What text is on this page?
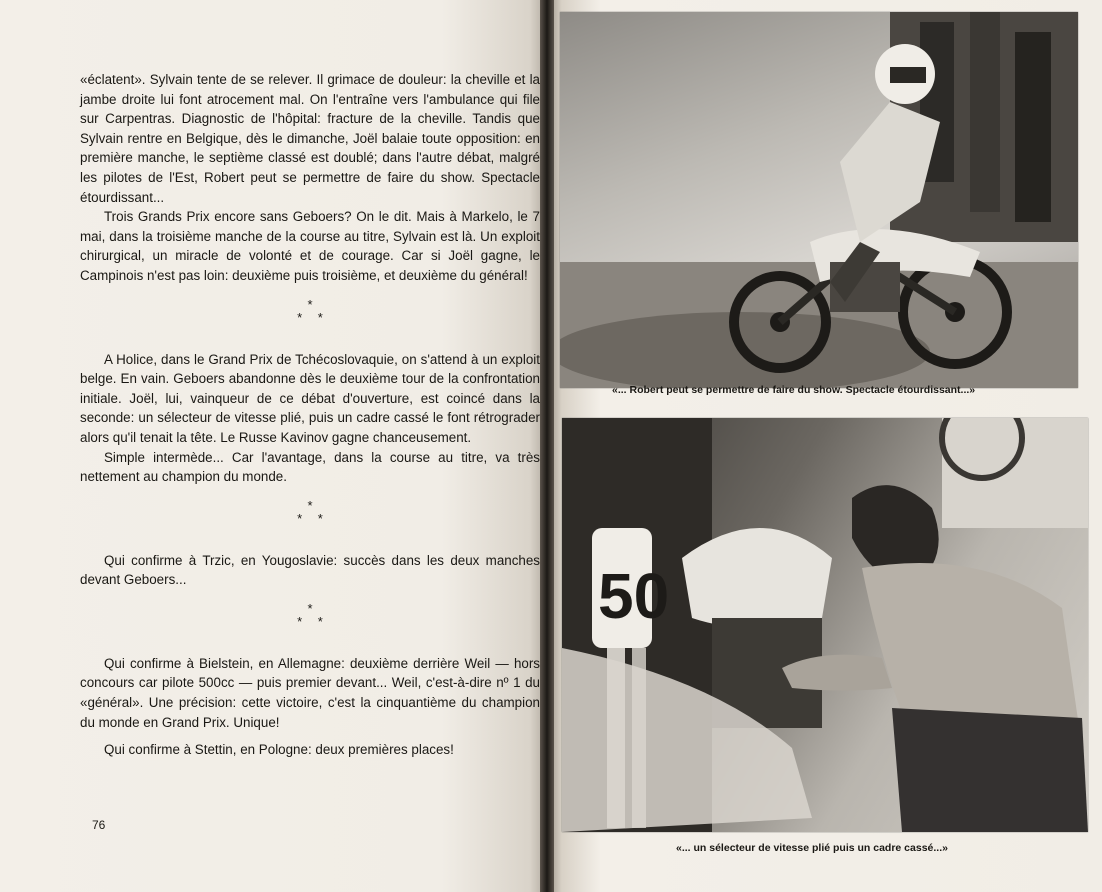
«éclatent». Sylvain tente de se relever. Il grimace de douleur: la cheville et la jambe droite lui font atrocement mal. On l'entraîne vers l'ambulance qui file sur Carpentras. Diagnostic de l'hôpital: fracture de la cheville. Tandis que Sylvain rentre en Belgique, dès le dimanche, Joël balaie toute opposition: en première manche, le septième classé est doublé; dans l'autre débat, malgré les pilotes de l'Est, Robert peut se permettre de faire du show. Spectacle étourdissant...

Trois Grands Prix encore sans Geboers? On le dit. Mais à Markelo, le 7 mai, dans la troisième manche de la course au titre, Sylvain est là. Un exploit chirurgical, un miracle de volonté et de courage. Car si Joël gagne, le Campinois n'est pas loin: deuxième puis troisième, et deuxième du général!

*
* *

A Holice, dans le Grand Prix de Tchécoslovaquie, on s'attend à un exploit belge. En vain. Geboers abandonne dès le deuxième tour de la confrontation initiale. Joël, lui, vainqueur de ce débat d'ouverture, est coincé dans la seconde: un sélecteur de vitesse plié, puis un cadre cassé le font rétrograder alors qu'il tenait la tête. Le Russe Kavinov gagne chanceusement.

Simple intermède... Car l'avantage, dans la course au titre, va très nettement au champion du monde.

*
* *

Qui confirme à Trzic, en Yougoslavie: succès dans les deux manches devant Geboers...

*
* *

Qui confirme à Bielstein, en Allemagne: deuxième derrière Weil — hors concours car pilote 500cc — puis premier devant... Weil, c'est-à-dire nº 1 du «général». Une précision: cette victoire, c'est la cinquantième du champion du monde en Grand Prix. Unique!

Qui confirme à Stettin, en Pologne: deux premières places!

76
«... Robert peut se permettre de faire du show. Spectacle étourdissant...»
50
«... un sélecteur de vitesse plié puis un cadre cassé...»
